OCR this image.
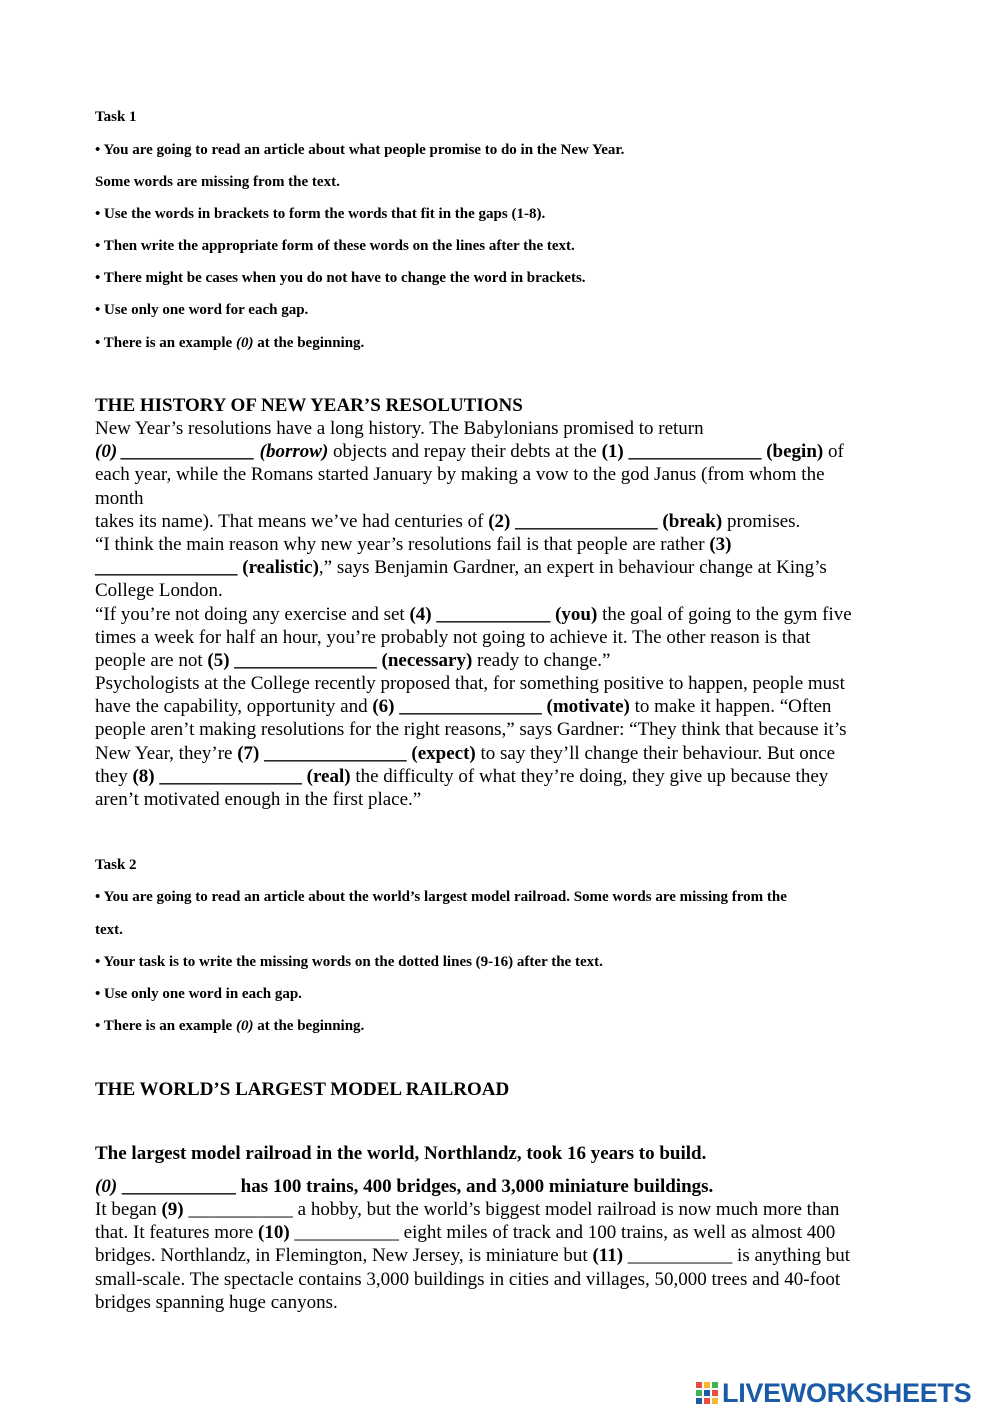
Task 1
• You are going to read an article about what people promise to do in the New Year.
Some words are missing from the text.
• Use the words in brackets to form the words that fit in the gaps (1-8).
• Then write the appropriate form of these words on the lines after the text.
• There might be cases when you do not have to change the word in brackets.
• Use only one word for each gap.
• There is an example (0) at the beginning.
THE HISTORY OF NEW YEAR’S RESOLUTIONS
New Year’s resolutions have a long history. The Babylonians promised to return
(0) ______________ (borrow) objects and repay their debts at the (1) ______________ (begin) of
each year, while the Romans started January by making a vow to the god Janus (from whom the
month
takes its name). That means we’ve had centuries of (2) _______________ (break) promises.
“I think the main reason why new year’s resolutions fail is that people are rather (3)
_______________ (realistic),” says Benjamin Gardner, an expert in behaviour change at King’s
College London.
“If you’re not doing any exercise and set (4) ____________ (you) the goal of going to the gym five
times a week for half an hour, you’re probably not going to achieve it. The other reason is that
people are not (5) _______________ (necessary) ready to change.”
Psychologists at the College recently proposed that, for something positive to happen, people must
have the capability, opportunity and (6) _______________ (motivate) to make it happen. “Often
people aren’t making resolutions for the right reasons,” says Gardner: “They think that because it’s
New Year, they’re (7) _______________ (expect) to say they’ll change their behaviour. But once
they (8) _______________ (real) the difficulty of what they’re doing, they give up because they
aren’t motivated enough in the first place.”
Task 2
• You are going to read an article about the world’s largest model railroad. Some words are missing from the
text.
• Your task is to write the missing words on the dotted lines (9-16) after the text.
• Use only one word in each gap.
• There is an example (0) at the beginning.
THE WORLD’S LARGEST MODEL RAILROAD
The largest model railroad in the world, Northlandz, took 16 years to build.
(0) ____________ has 100 trains, 400 bridges, and 3,000 miniature buildings.
It began (9) ___________ a hobby, but the world’s biggest model railroad is now much more than
that. It features more (10) ___________ eight miles of track and 100 trains, as well as almost 400
bridges. Northlandz, in Flemington, New Jersey, is miniature but (11) ___________ is anything but
small-scale. The spectacle contains 3,000 buildings in cities and villages, 50,000 trees and 40-foot
bridges spanning huge canyons.
LIVEWORKSHEETS
